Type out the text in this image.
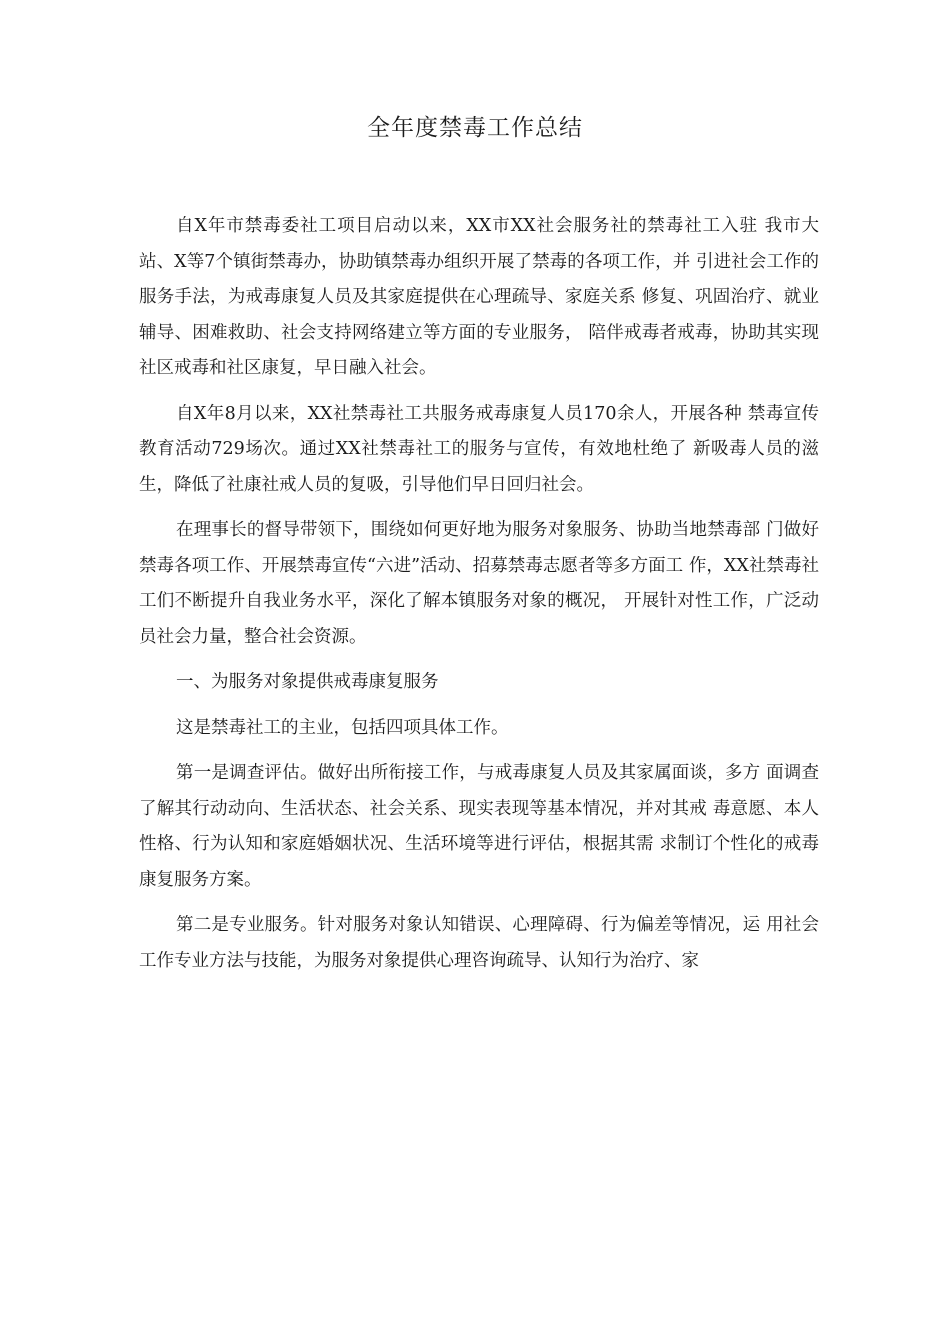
全年度禁毒工作总结

自X年市禁毒委社工项目启动以来，XX市XX社会服务社的禁毒社工入驻 我市大站、X等7个镇街禁毒办，协助镇禁毒办组织开展了禁毒的各项工作，并 引进社会工作的服务手法，为戒毒康复人员及其家庭提供在心理疏导、家庭关系 修复、巩固治疗、就业辅导、困难救助、社会支持网络建立等方面的专业服务， 陪伴戒毒者戒毒，协助其实现社区戒毒和社区康复，早日融入社会。

自X年8月以来，XX社禁毒社工共服务戒毒康复人员170余人，开展各种 禁毒宣传教育活动729场次。通过XX社禁毒社工的服务与宣传，有效地杜绝了 新吸毒人员的滋生，降低了社康社戒人员的复吸，引导他们早日回归社会。

在理事长的督导带领下，围绕如何更好地为服务对象服务、协助当地禁毒部 门做好禁毒各项工作、开展禁毒宣传“六进”活动、招募禁毒志愿者等多方面工 作，XX社禁毒社工们不断提升自我业务水平，深化了解本镇服务对象的概况， 开展针对性工作，广泛动员社会力量，整合社会资源。

一、为服务对象提供戒毒康复服务

这是禁毒社工的主业，包括四项具体工作。

第一是调查评估。做好出所衔接工作，与戒毒康复人员及其家属面谈，多方 面调查了解其行动动向、生活状态、社会关系、现实表现等基本情况，并对其戒 毒意愿、本人性格、行为认知和家庭婚姻状况、生活环境等进行评估，根据其需 求制订个性化的戒毒康复服务方案。

第二是专业服务。针对服务对象认知错误、心理障碍、行为偏差等情况，运 用社会工作专业方法与技能，为服务对象提供心理咨询疏导、认知行为治疗、家
